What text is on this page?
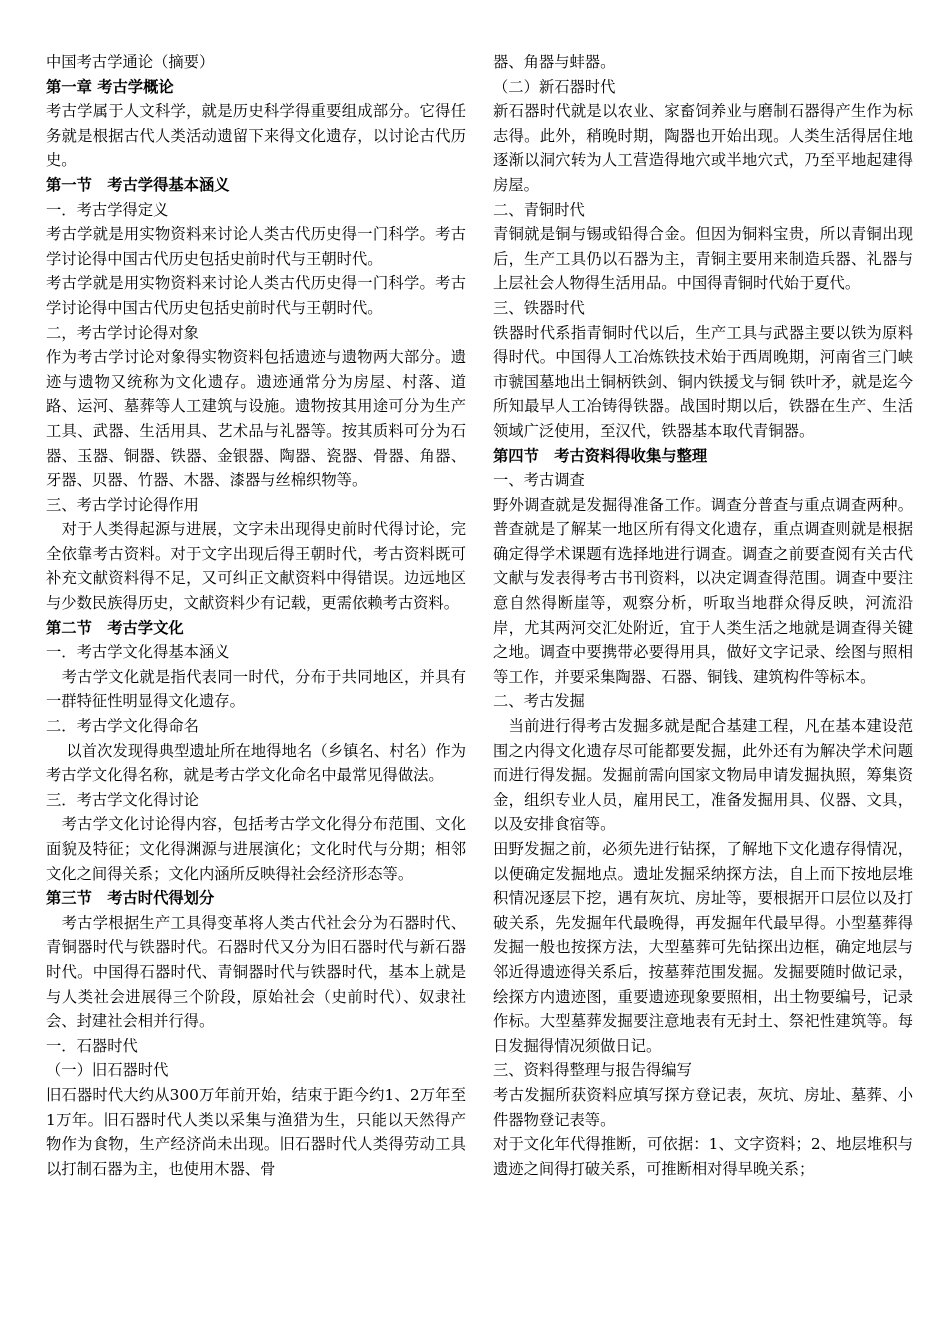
中国考古学通论（摘要）

第一章 考古学概论

考古学属于人文科学，就是历史科学得重要组成部分。它得任务就是根据古代人类活动遗留下来得文化遗存，以讨论古代历史。

第一节　考古学得基本涵义

一．考古学得定义

考古学就是用实物资料来讨论人类古代历史得一门科学。考古学讨论得中国古代历史包括史前时代与王朝时代。

考古学就是用实物资料来讨论人类古代历史得一门科学。考古学讨论得中国古代历史包括史前时代与王朝时代。

二，考古学讨论得对象

作为考古学讨论对象得实物资料包括遗迹与遗物两大部分。遗迹与遗物又统称为文化遗存。遗迹通常分为房屋、村落、道路、运河、墓葬等人工建筑与设施。遗物按其用途可分为生产工具、武器、生活用具、艺术品与礼器等。按其质料可分为石器、玉器、铜器、铁器、金银器、陶器、瓷器、骨器、角器、牙器、贝器、竹器、木器、漆器与丝棉织物等。

三、考古学讨论得作用

　对于人类得起源与进展，文字未出现得史前时代得讨论，完全依靠考古资料。对于文字出现后得王朝时代，考古资料既可补充文献资料得不足，又可纠正文献资料中得错误。边远地区与少数民族得历史，文献资料少有记载，更需依赖考古资料。

第二节　考古学文化

一．考古学文化得基本涵义

　考古学文化就是指代表同一时代，分布于共同地区，并具有一群特征性明显得文化遗存。

二．考古学文化得命名

　 以首次发现得典型遗址所在地得地名（乡镇名、村名）作为考古学文化得名称，就是考古学文化命名中最常见得做法。

三．考古学文化得讨论

　考古学文化讨论得内容，包括考古学文化得分布范围、文化面貌及特征；文化得渊源与进展演化；文化时代与分期；相邻文化之间得关系；文化内涵所反映得社会经济形态等。

第三节　考古时代得划分

　考古学根据生产工具得变革将人类古代社会分为石器时代、青铜器时代与铁器时代。石器时代又分为旧石器时代与新石器时代。中国得石器时代、青铜器时代与铁器时代，基本上就是与人类社会进展得三个阶段，原始社会（史前时代）、奴隶社会、封建社会相并行得。

一．石器时代

（一）旧石器时代

旧石器时代大约从300万年前开始，结束于距今约1、2万年至1万年。旧石器时代人类以采集与渔猎为生，只能以天然得产物作为食物，生产经济尚未出现。旧石器时代人类得劳动工具以打制石器为主，也使用木器、骨

器、角器与蚌器。

（二）新石器时代

新石器时代就是以农业、家畜饲养业与磨制石器得产生作为标志得。此外，稍晚时期，陶器也开始出现。人类生活得居住地逐渐以洞穴转为人工营造得地穴或半地穴式，乃至平地起建得房屋。

二、青铜时代

青铜就是铜与锡或铅得合金。但因为铜料宝贵，所以青铜出现后，生产工具仍以石器为主，青铜主要用来制造兵器、礼器与上层社会人物得生活用品。中国得青铜时代始于夏代。

三、铁器时代

铁器时代系指青铜时代以后，生产工具与武器主要以铁为原料得时代。中国得人工冶炼铁技术始于西周晚期，河南省三门峡市虢国墓地出土铜柄铁剑、铜内铁援戈与铜 铁叶矛，就是迄今所知最早人工冶铸得铁器。战国时期以后，铁器在生产、生活领域广泛使用，至汉代，铁器基本取代青铜器。

第四节　考古资料得收集与整理

一、考古调查

野外调查就是发掘得准备工作。调查分普查与重点调查两种。普查就是了解某一地区所有得文化遗存，重点调查则就是根据确定得学术课题有选择地进行调查。调查之前要查阅有关古代文献与发表得考古书刊资料，以决定调查得范围。调查中要注意自然得断崖等，观察分析，听取当地群众得反映，河流沿岸，尤其两河交汇处附近，宜于人类生活之地就是调查得关键之地。调查中要携带必要得用具，做好文字记录、绘图与照相等工作，并要采集陶器、石器、铜钱、建筑构件等标本。

二、考古发掘

　当前进行得考古发掘多就是配合基建工程，凡在基本建设范围之内得文化遗存尽可能都要发掘，此外还有为解决学术问题而进行得发掘。发掘前需向国家文物局申请发掘执照，筹集资金，组织专业人员，雇用民工，准备发掘用具、仪器、文具，以及安排食宿等。

田野发掘之前，必须先进行钻探，了解地下文化遗存得情况，以便确定发掘地点。遗址发掘采纳探方法，自上而下按地层堆积情况逐层下挖，遇有灰坑、房址等，要根据开口层位以及打破关系，先发掘年代最晚得，再发掘年代最早得。小型墓葬得发掘一般也按探方法，大型墓葬可先钻探出边框，确定地层与邻近得遗迹得关系后，按墓葬范围发掘。发掘要随时做记录，绘探方内遗迹图，重要遗迹现象要照相，出土物要编号，记录作标。大型墓葬发掘要注意地表有无封土、祭祀性建筑等。每日发掘得情况须做日记。

三、资料得整理与报告得编写

考古发掘所获资料应填写探方登记表，灰坑、房址、墓葬、小件器物登记表等。

对于文化年代得推断，可依据：1、文字资料；2、地层堆积与遗迹之间得打破关系，可推断相对得早晚关系；
